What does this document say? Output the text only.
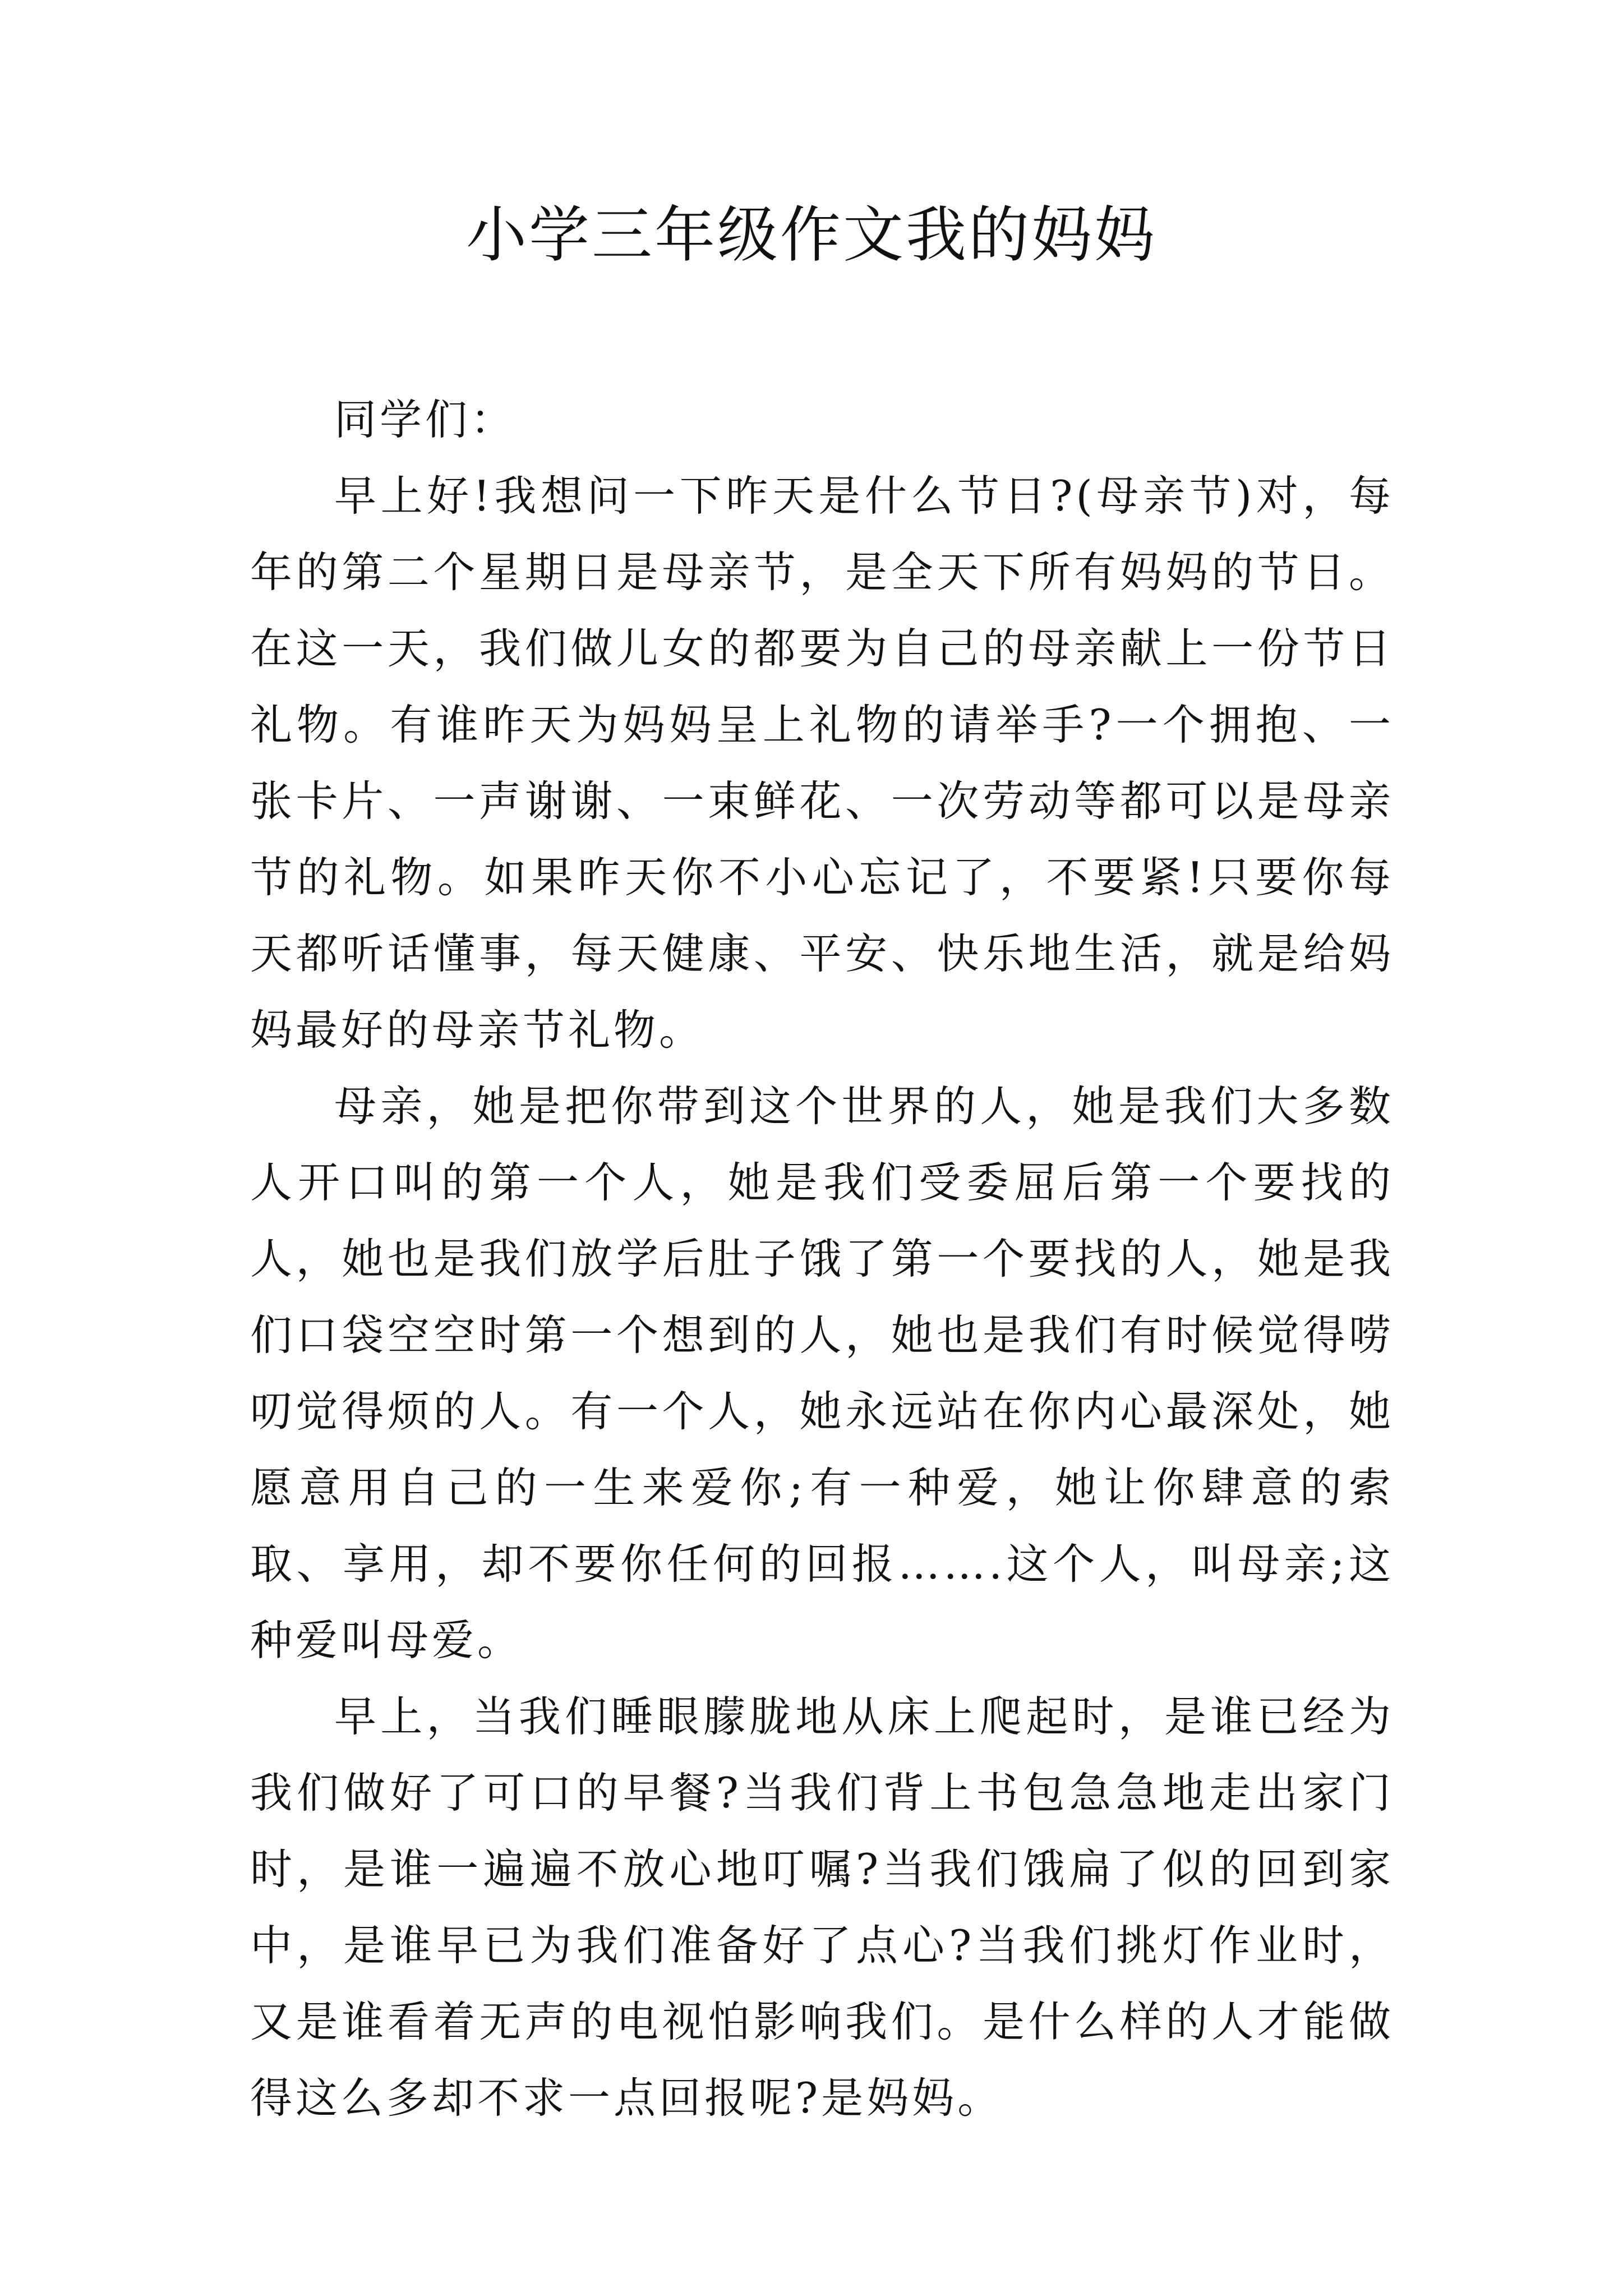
小学三年级作文我的妈妈

同学们：

早上好!我想问一下昨天是什么节日?(母亲节)对，每年的第二个星期日是母亲节，是全天下所有妈妈的节日。在这一天，我们做儿女的都要为自己的母亲献上一份节日礼物。有谁昨天为妈妈呈上礼物的请举手?一个拥抱、一张卡片、一声谢谢、一束鲜花、一次劳动等都可以是母亲节的礼物。如果昨天你不小心忘记了，不要紧!只要你每天都听话懂事，每天健康、平安、快乐地生活，就是给妈妈最好的母亲节礼物。

母亲，她是把你带到这个世界的人，她是我们大多数人开口叫的第一个人，她是我们受委屈后第一个要找的人，她也是我们放学后肚子饿了第一个要找的人，她是我们口袋空空时第一个想到的人，她也是我们有时候觉得唠叨觉得烦的人。有一个人，她永远站在你内心最深处，她愿意用自己的一生来爱你;有一种爱，她让你肆意的索取、享用，却不要你任何的回报…….这个人，叫母亲;这种爱叫母爱。

早上，当我们睡眼朦胧地从床上爬起时，是谁已经为我们做好了可口的早餐?当我们背上书包急急地走出家门时，是谁一遍遍不放心地叮嘱?当我们饿扁了似的回到家中，是谁早已为我们准备好了点心?当我们挑灯作业时，又是谁看着无声的电视怕影响我们。是什么样的人才能做得这么多却不求一点回报呢?是妈妈。
